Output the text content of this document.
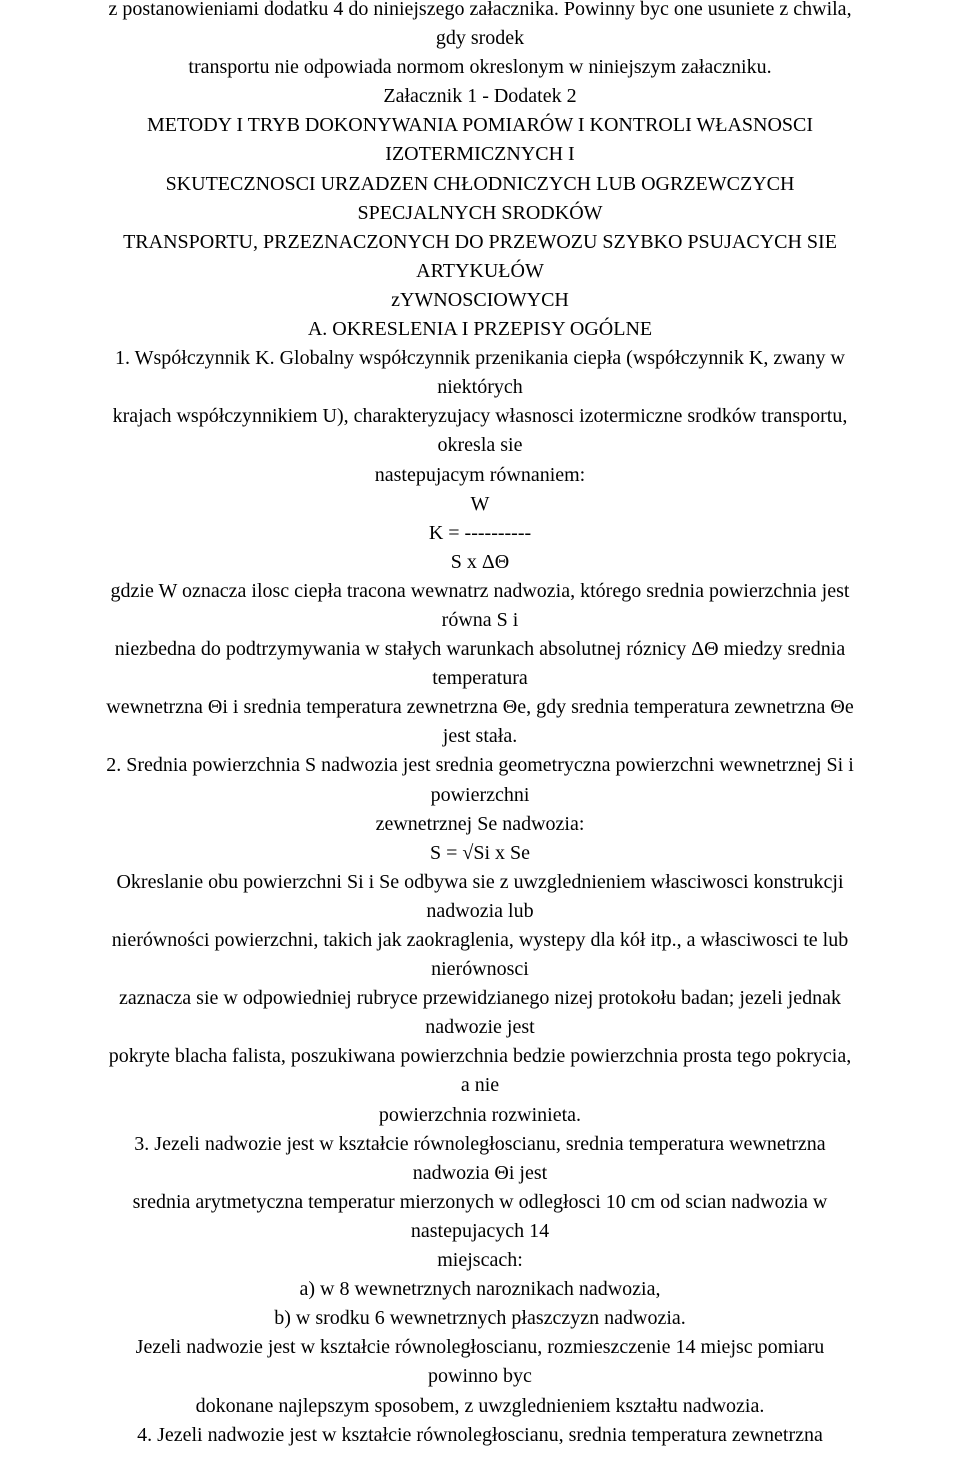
z postanowieniami dodatku 4 do niniejszego załacznika. Powinny byc one usuniete z chwila,
gdy srodek
transportu nie odpowiada normom okreslonym w niniejszym załaczniku.
Załacznik 1 - Dodatek 2
METODY I TRYB DOKONYWANIA POMIARÓW I KONTROLI WŁASNOSCI
IZOTERMICZNYCH I
SKUTECZNOSCI URZADZEN CHŁODNICZYCH LUB OGRZEWCZYCH
SPECJALNYCH SRODKÓW
TRANSPORTU, PRZEZNACZONYCH DO PRZEWOZU SZYBKO PSUJACYCH SIE
ARTYKUŁÓW
zYWNOSCIOWYCH
A. OKRESLENIA I PRZEPISY OGÓLNE
1. Współczynnik K. Globalny współczynnik przenikania ciepła (współczynnik K, zwany w
niektórych
krajach współczynnikiem U), charakteryzujacy własnosci izotermiczne srodków transportu,
okresla sie
nastepujacym równaniem:
W
K = ----------
S x ΔΘ
gdzie W oznacza ilosc ciepła tracona wewnatrz nadwozia, którego srednia powierzchnia jest
równa S i
niezbedna do podtrzymywania w stałych warunkach absolutnej róznicy ΔΘ miedzy srednia
temperatura
wewnetrzna Θi i srednia temperatura zewnetrzna Θe, gdy srednia temperatura zewnetrzna Θe
jest stała.
2. Srednia powierzchnia S nadwozia jest srednia geometryczna powierzchni wewnetrznej Si i
powierzchni
zewnetrznej Se nadwozia:
S = √Si x Se
Okreslanie obu powierzchni Si i Se odbywa sie z uwzglednieniem własciwosci konstrukcji
nadwozia lub
nierówności powierzchni, takich jak zaokraglenia, wystepy dla kół itp., a własciwosci te lub
nierównosci
zaznacza sie w odpowiedniej rubryce przewidzianego nizej protokołu badan; jezeli jednak
nadwozie jest
pokryte blacha falista, poszukiwana powierzchnia bedzie powierzchnia prosta tego pokrycia,
a nie
powierzchnia rozwinieta.
3. Jezeli nadwozie jest w kształcie równoległoscianu, srednia temperatura wewnetrzna
nadwozia Θi jest
srednia arytmetyczna temperatur mierzonych w odległosci 10 cm od scian nadwozia w
nastepujacych 14
miejscach:
a) w 8 wewnetrznych naroznikach nadwozia,
b) w srodku 6 wewnetrznych płaszczyzn nadwozia.
Jezeli nadwozie jest w kształcie równoległoscianu, rozmieszczenie 14 miejsc pomiaru
powinno byc
dokonane najlepszym sposobem, z uwzglednieniem kształtu nadwozia.
4. Jezeli nadwozie jest w kształcie równoległoscianu, srednia temperatura zewnetrzna
